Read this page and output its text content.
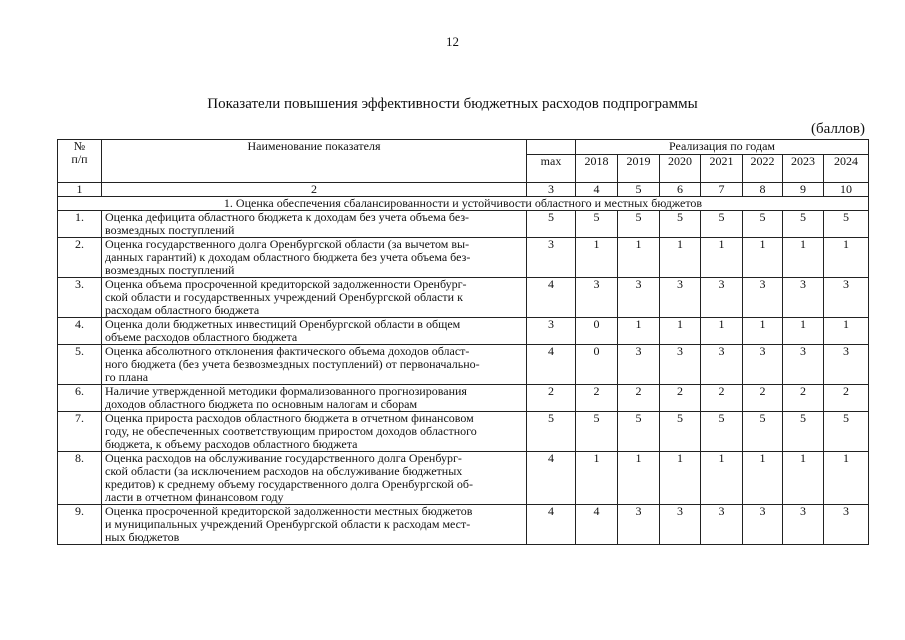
12
Показатели повышения эффективности бюджетных расходов подпрограммы
(баллов)
№
п/п	Наименование показателя		Реализация по годам						
		max	2018	2019	2020	2021	2022	2023	2024
1	2	3	4	5	6	7	8	9	10
1. Оценка обеспечения сбалансированности и устойчивости областного и местных бюджетов									
1.	Оценка дефицита областного бюджета к доходам без учета объема без-
возмездных поступлений	5	5	5	5	5	5	5	5
2.	Оценка государственного долга Оренбургской области (за вычетом вы-
данных гарантий) к доходам областного бюджета без учета объема без-
возмездных поступлений	3	1	1	1	1	1	1	1
3.	Оценка объема просроченной кредиторской задолженности Оренбург-
ской области и государственных учреждений Оренбургской области к
расходам областного бюджета	4	3	3	3	3	3	3	3
4.	Оценка доли бюджетных инвестиций Оренбургской области в общем
объеме расходов областного бюджета	3	0	1	1	1	1	1	1
5.	Оценка абсолютного отклонения фактического объема доходов област-
ного бюджета (без учета безвозмездных поступлений) от первоначально-
го плана	4	0	3	3	3	3	3	3
6.	Наличие утвержденной методики формализованного прогнозирования
доходов областного бюджета по основным налогам и сборам	2	2	2	2	2	2	2	2
7.	Оценка прироста расходов областного бюджета в отчетном финансовом
году, не обеспеченных соответствующим приростом доходов областного
бюджета, к объему расходов областного бюджета	5	5	5	5	5	5	5	5
8.	Оценка расходов на обслуживание государственного долга Оренбург-
ской области (за исключением расходов на обслуживание бюджетных
кредитов) к среднему объему государственного долга Оренбургской об-
ласти в отчетном финансовом году	4	1	1	1	1	1	1	1
9.	Оценка просроченной кредиторской задолженности местных бюджетов
и муниципальных учреждений Оренбургской области к расходам мест-
ных бюджетов	4	4	3	3	3	3	3	3
